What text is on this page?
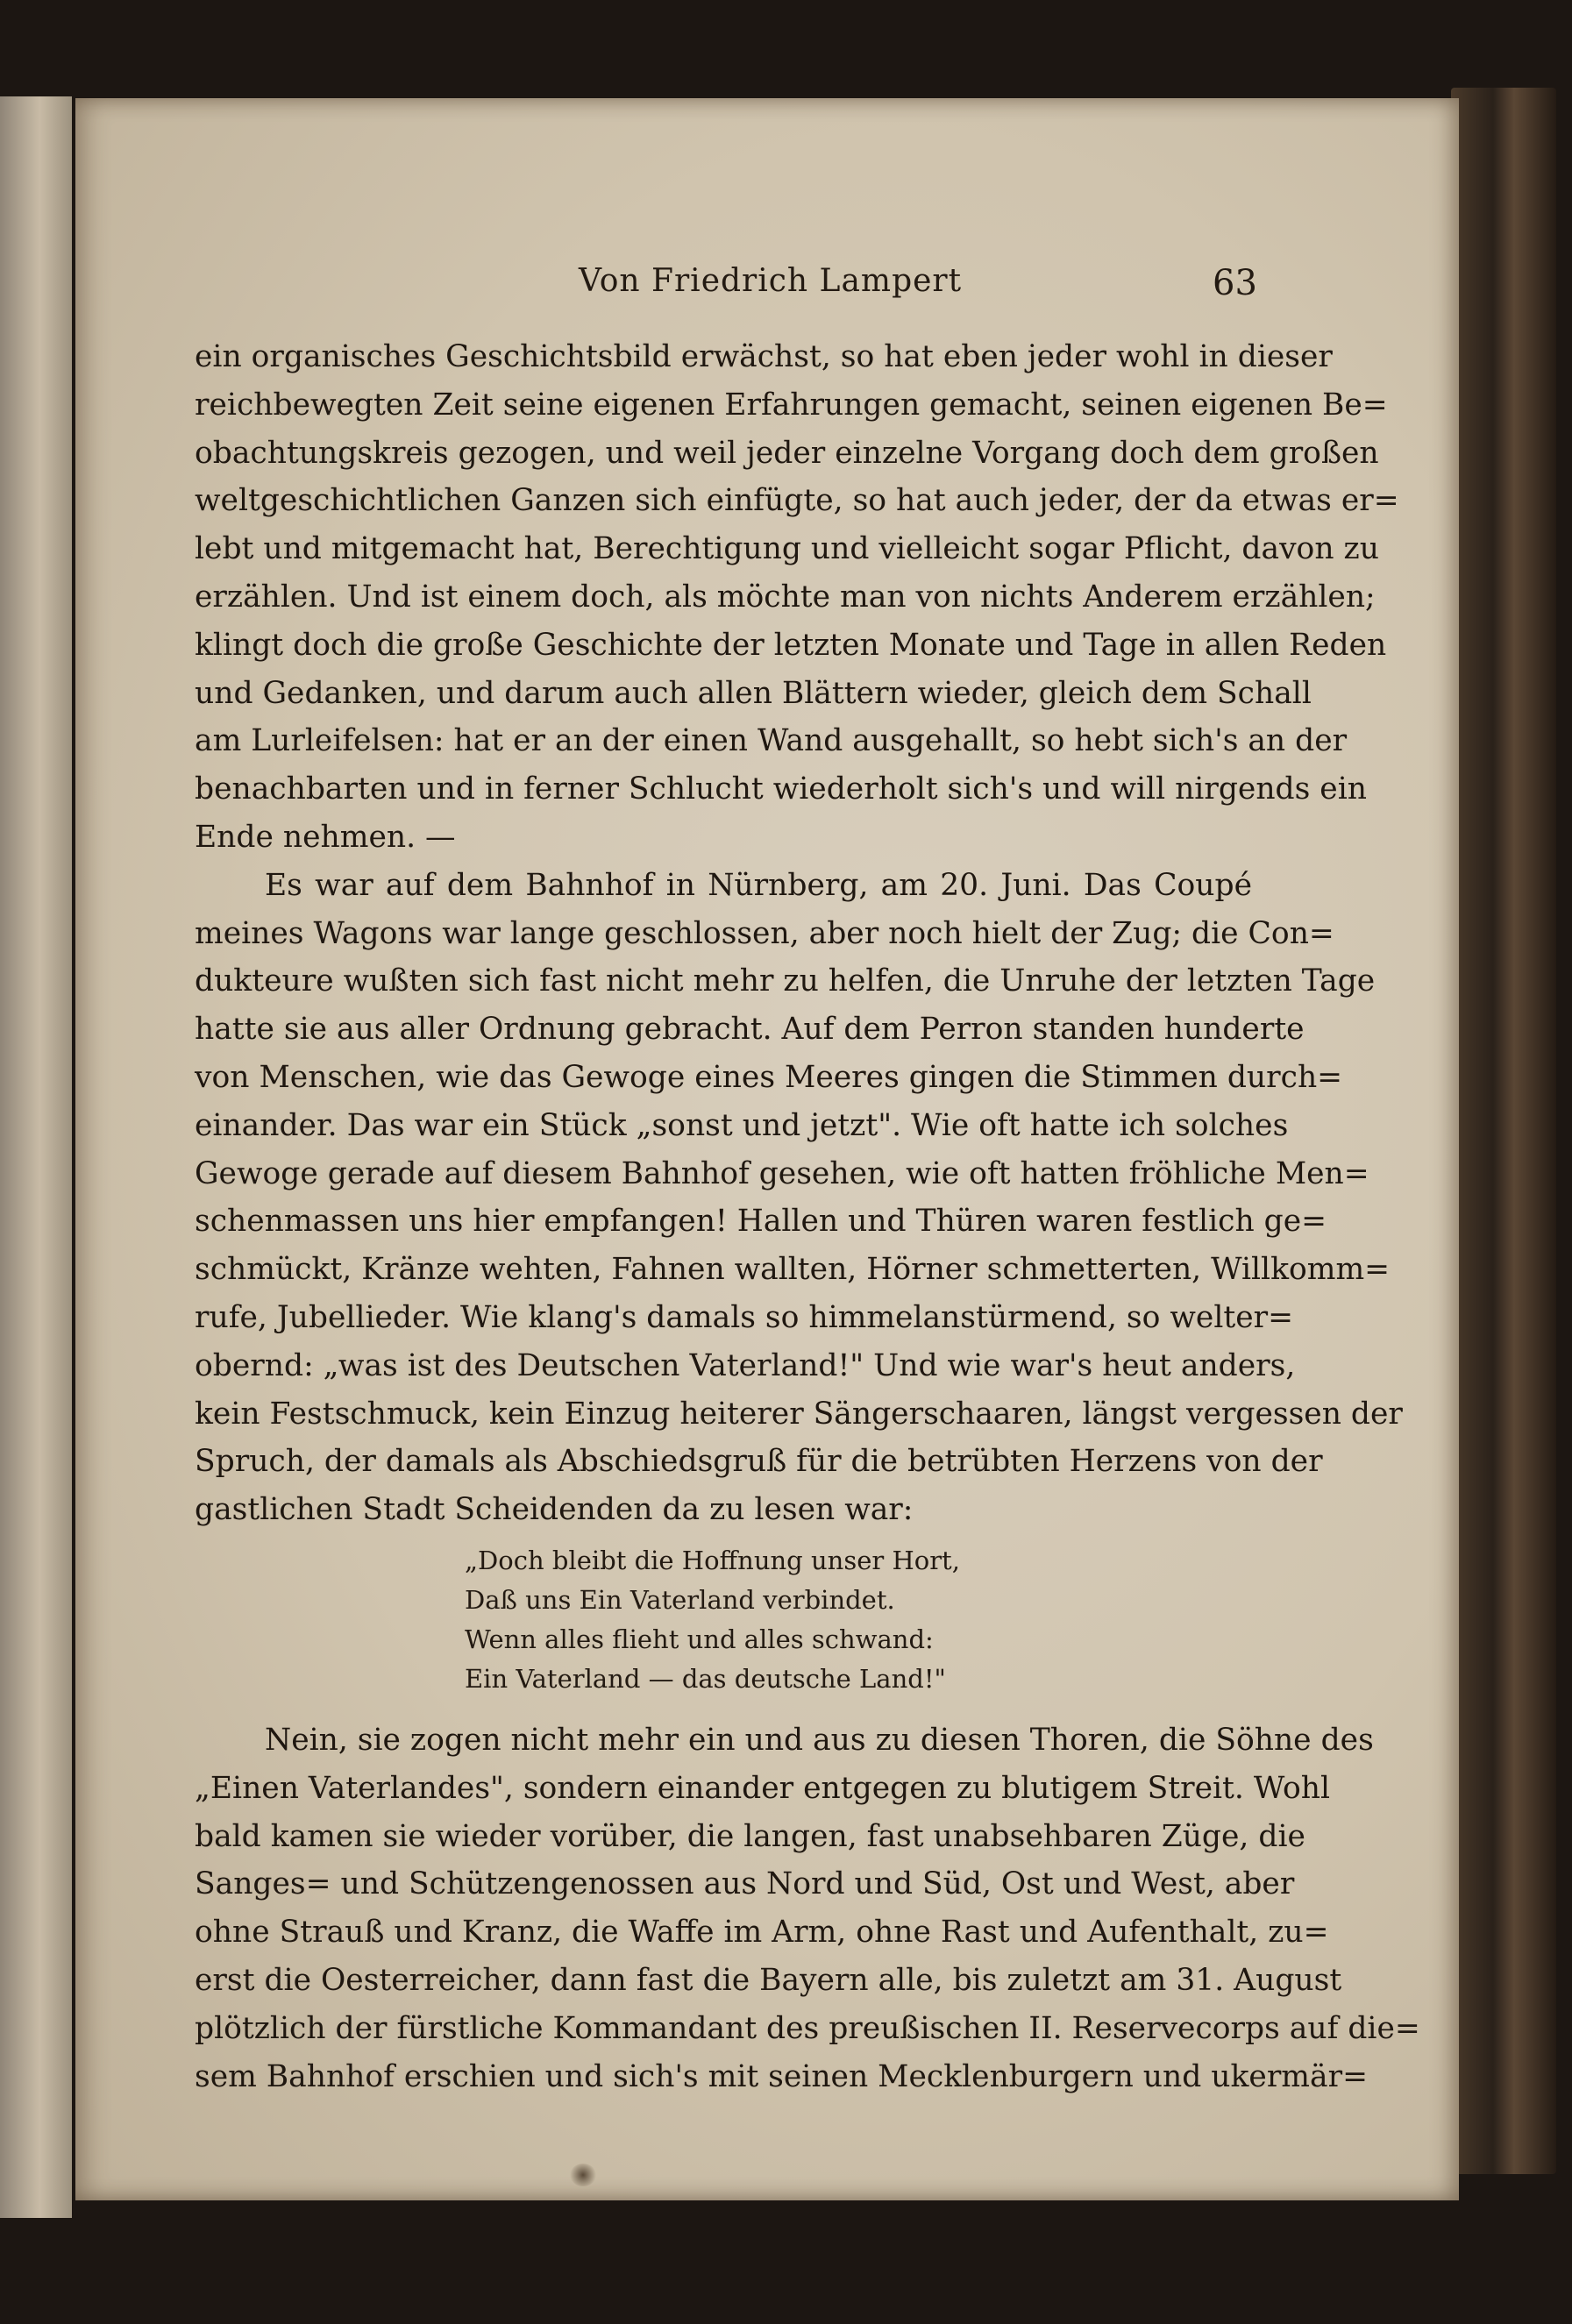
Von Friedrich Lampert	63
ein organisches Geschichtsbild erwächst, so hat eben jeder wohl in dieser
reichbewegten Zeit seine eigenen Erfahrungen gemacht, seinen eigenen Be=
obachtungskreis gezogen, und weil jeder einzelne Vorgang doch dem großen
weltgeschichtlichen Ganzen sich einfügte, so hat auch jeder, der da etwas er=
lebt und mitgemacht hat, Berechtigung und vielleicht sogar Pflicht, davon zu
erzählen. Und ist einem doch, als möchte man von nichts Anderem erzählen;
klingt doch die große Geschichte der letzten Monate und Tage in allen Reden
und Gedanken, und darum auch allen Blättern wieder, gleich dem Schall
am Lurleifelsen: hat er an der einen Wand ausgehallt, so hebt sich's an der
benachbarten und in ferner Schlucht wiederholt sich's und will nirgends ein
Ende nehmen. —
Es war auf dem Bahnhof in Nürnberg, am 20. Juni. Das Coupé
meines Wagons war lange geschlossen, aber noch hielt der Zug; die Con=
dukteure wußten sich fast nicht mehr zu helfen, die Unruhe der letzten Tage
hatte sie aus aller Ordnung gebracht. Auf dem Perron standen hunderte
von Menschen, wie das Gewoge eines Meeres gingen die Stimmen durch=
einander. Das war ein Stück „sonst und jetzt". Wie oft hatte ich solches
Gewoge gerade auf diesem Bahnhof gesehen, wie oft hatten fröhliche Men=
schenmassen uns hier empfangen! Hallen und Thüren waren festlich ge=
schmückt, Kränze wehten, Fahnen wallten, Hörner schmetterten, Willkomm=
rufe, Jubellieder. Wie klang's damals so himmelanstürmend, so welter=
obernd: „was ist des Deutschen Vaterland!" Und wie war's heut anders,
kein Festschmuck, kein Einzug heiterer Sängerschaaren, längst vergessen der
Spruch, der damals als Abschiedsgruß für die betrübten Herzens von der
gastlichen Stadt Scheidenden da zu lesen war:
„Doch bleibt die Hoffnung unser Hort,
Daß uns Ein Vaterland verbindet.
Wenn alles flieht und alles schwand:
Ein Vaterland — das deutsche Land!"
Nein, sie zogen nicht mehr ein und aus zu diesen Thoren, die Söhne des
„Einen Vaterlandes", sondern einander entgegen zu blutigem Streit. Wohl
bald kamen sie wieder vorüber, die langen, fast unabsehbaren Züge, die
Sanges= und Schützengenossen aus Nord und Süd, Ost und West, aber
ohne Strauß und Kranz, die Waffe im Arm, ohne Rast und Aufenthalt, zu=
erst die Oesterreicher, dann fast die Bayern alle, bis zuletzt am 31. August
plötzlich der fürstliche Kommandant des preußischen II. Reservecorps auf die=
sem Bahnhof erschien und sich's mit seinen Mecklenburgern und ukermär=
